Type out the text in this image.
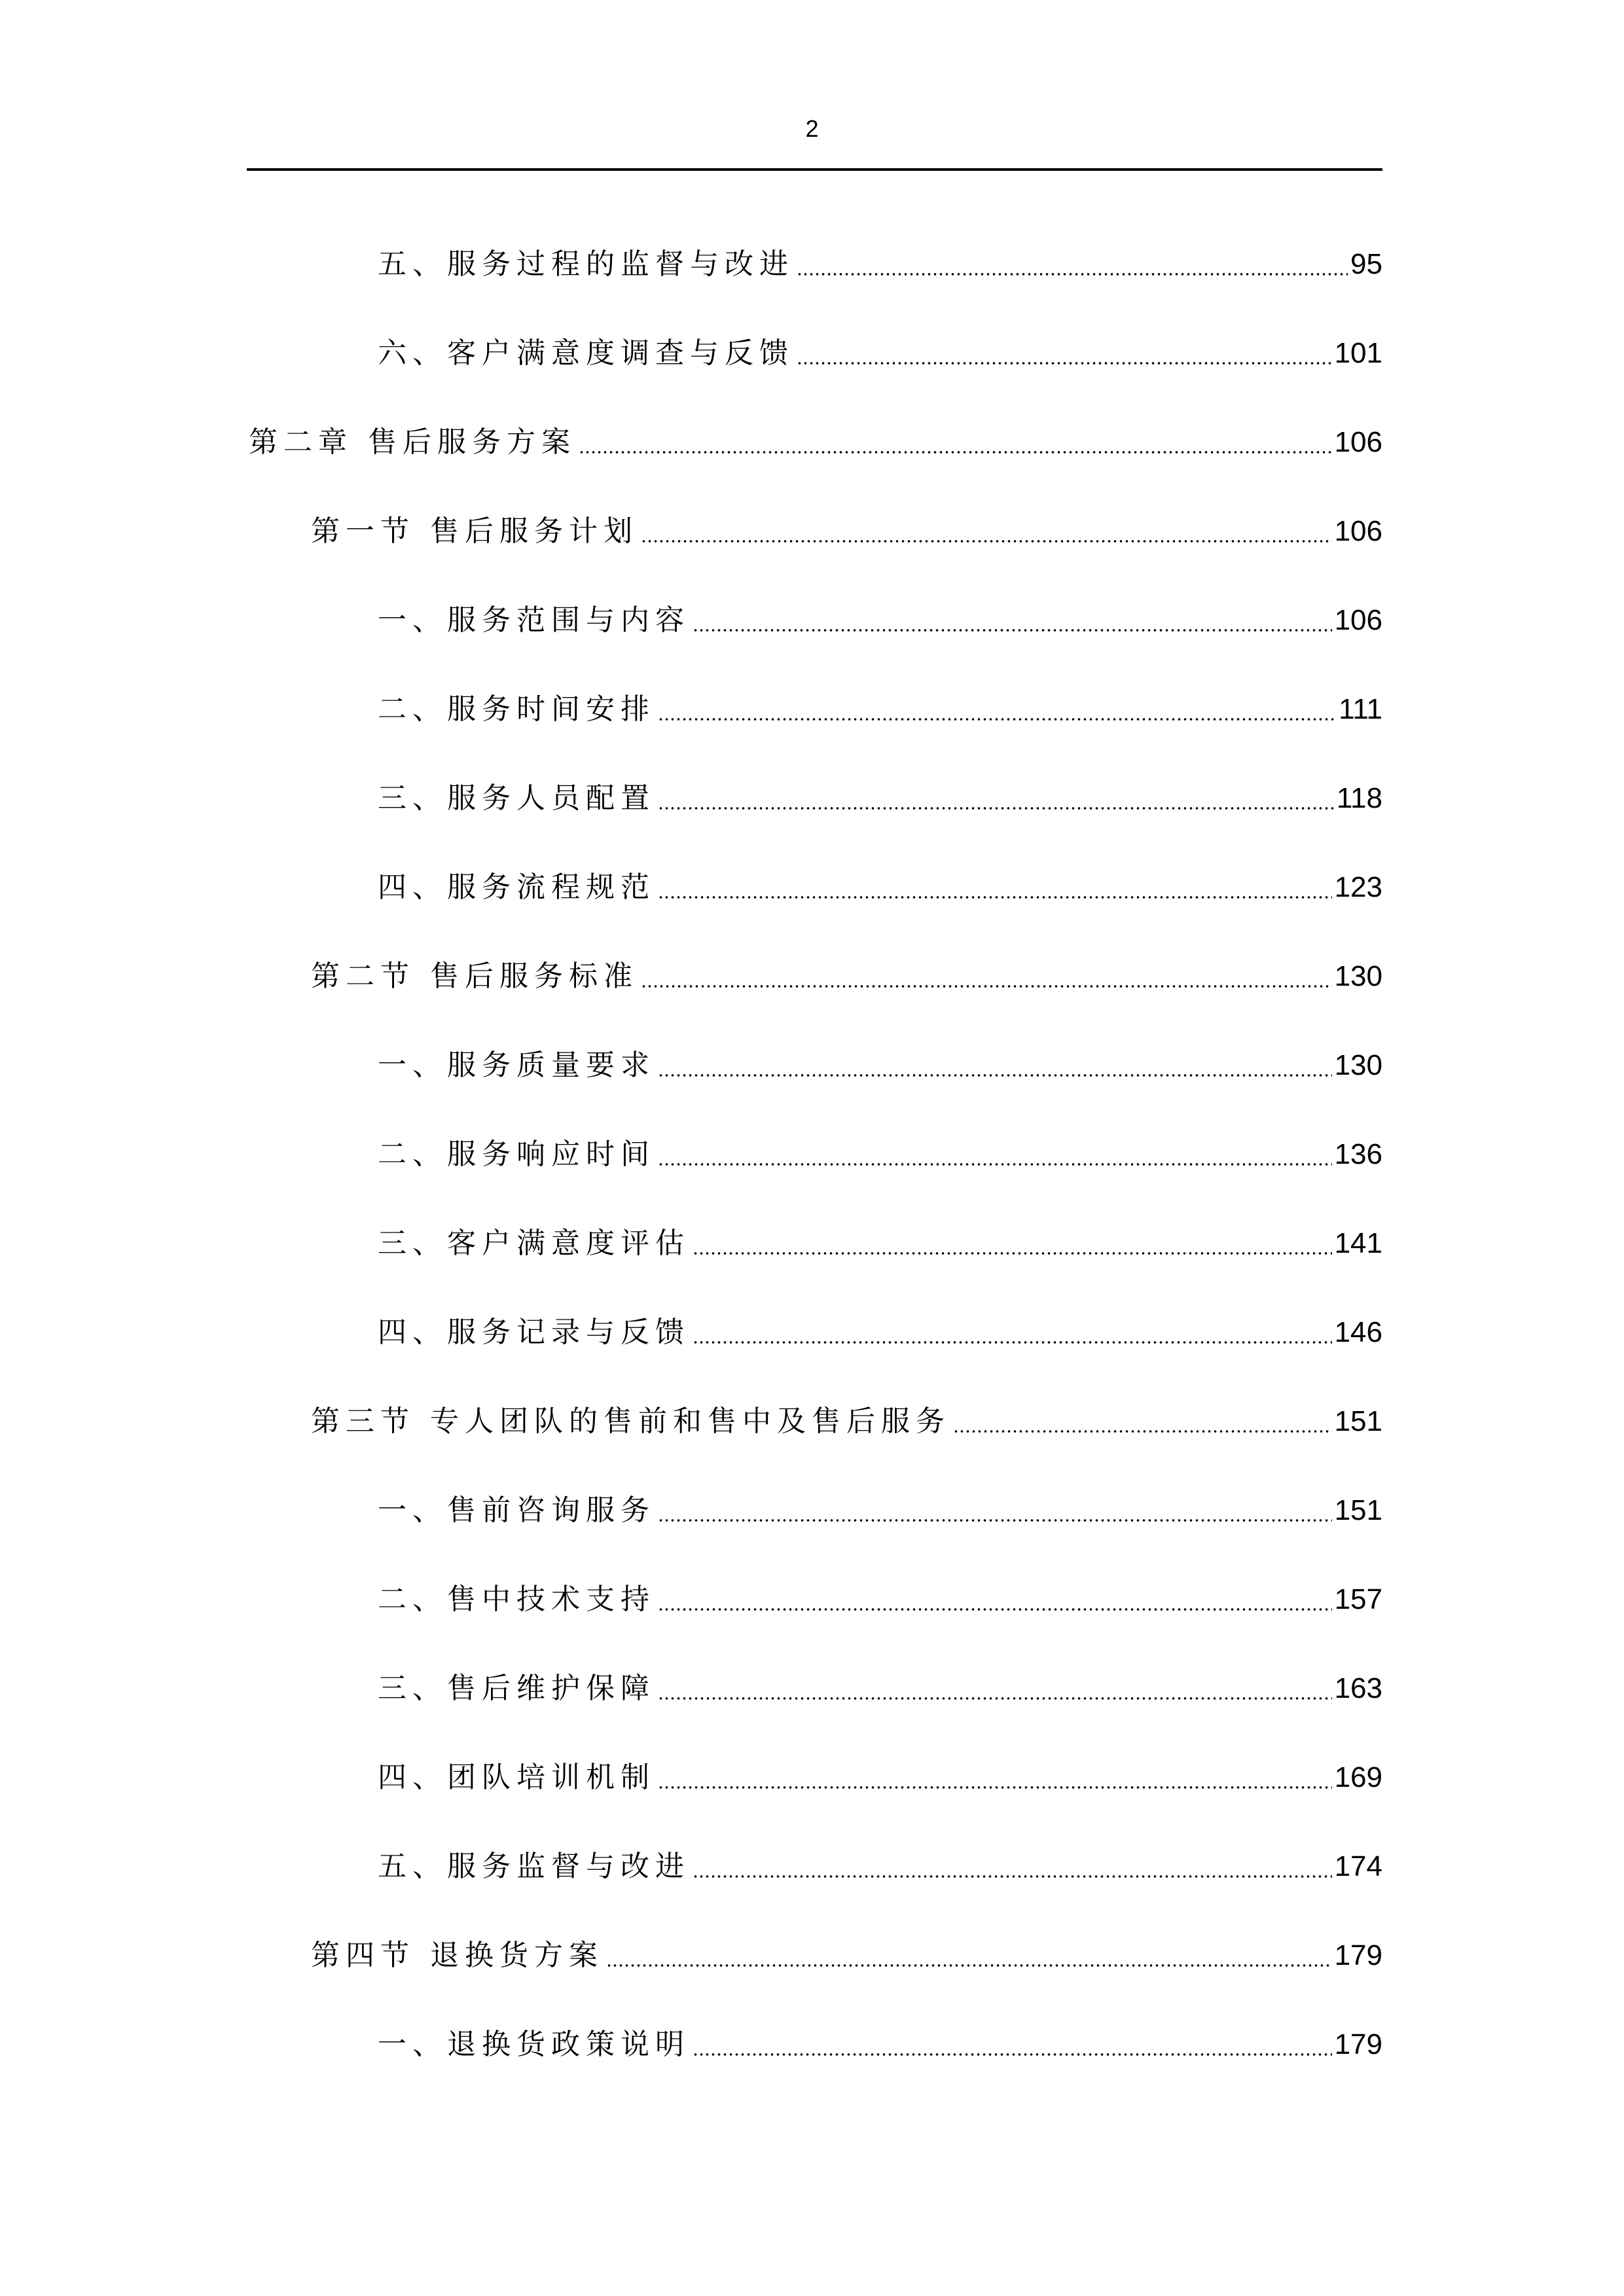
2
五、服务过程的监督与改进	95
六、客户满意度调查与反馈	101
第二章 售后服务方案	106
第一节 售后服务计划	106
一、服务范围与内容	106
二、服务时间安排	111
三、服务人员配置	118
四、服务流程规范	123
第二节 售后服务标准	130
一、服务质量要求	130
二、服务响应时间	136
三、客户满意度评估	141
四、服务记录与反馈	146
第三节 专人团队的售前和售中及售后服务	151
一、售前咨询服务	151
二、售中技术支持	157
三、售后维护保障	163
四、团队培训机制	169
五、服务监督与改进	174
第四节 退换货方案	179
一、退换货政策说明	179
